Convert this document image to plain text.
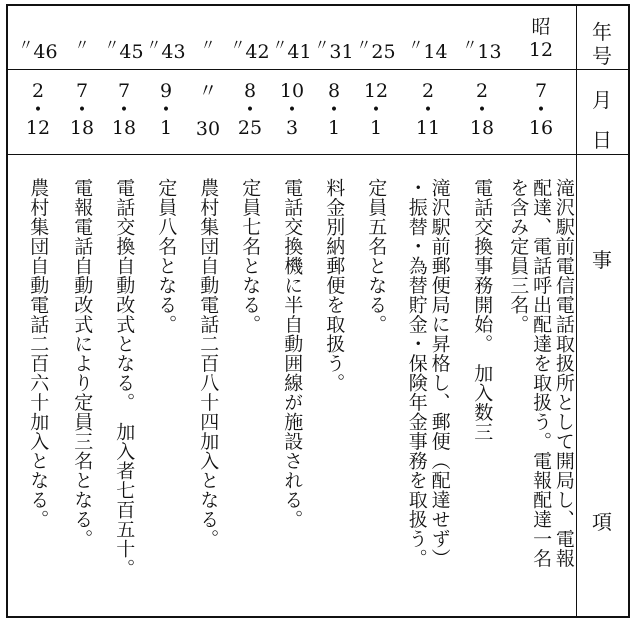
年
号
月
日
事
項
昭
12
7
•
16
滝沢駅前電信電話取扱所として開局し、電報
配達、電話呼出配達を取扱う。電報配達一名
を含み定員三名。
〃13
2
•
18
電話交換事務開始。　加入数三
〃14
2
•
11
滝沢駅前郵便局に昇格し、郵便（配達せず）
・振替・為替貯金・保険年金事務を取扱う。
〃25
12
•
1
定員五名となる。
〃31
8
•
1
料金別納郵便を取扱う。
〃41
10
•
3
電話交換機に半自動囲線が施設される。
〃42
8
•
25
定員七名となる。
〃
〃
30
農村集団自動電話二百八十四加入となる。
〃43
9
•
1
定員八名となる。
〃45
7
•
18
電話交換自動改式となる。　加入者七百五十。
〃
7
•
18
電報電話自動改式により定員三名となる。
〃46
2
•
12
農村集団自動電話二百六十加入となる。
